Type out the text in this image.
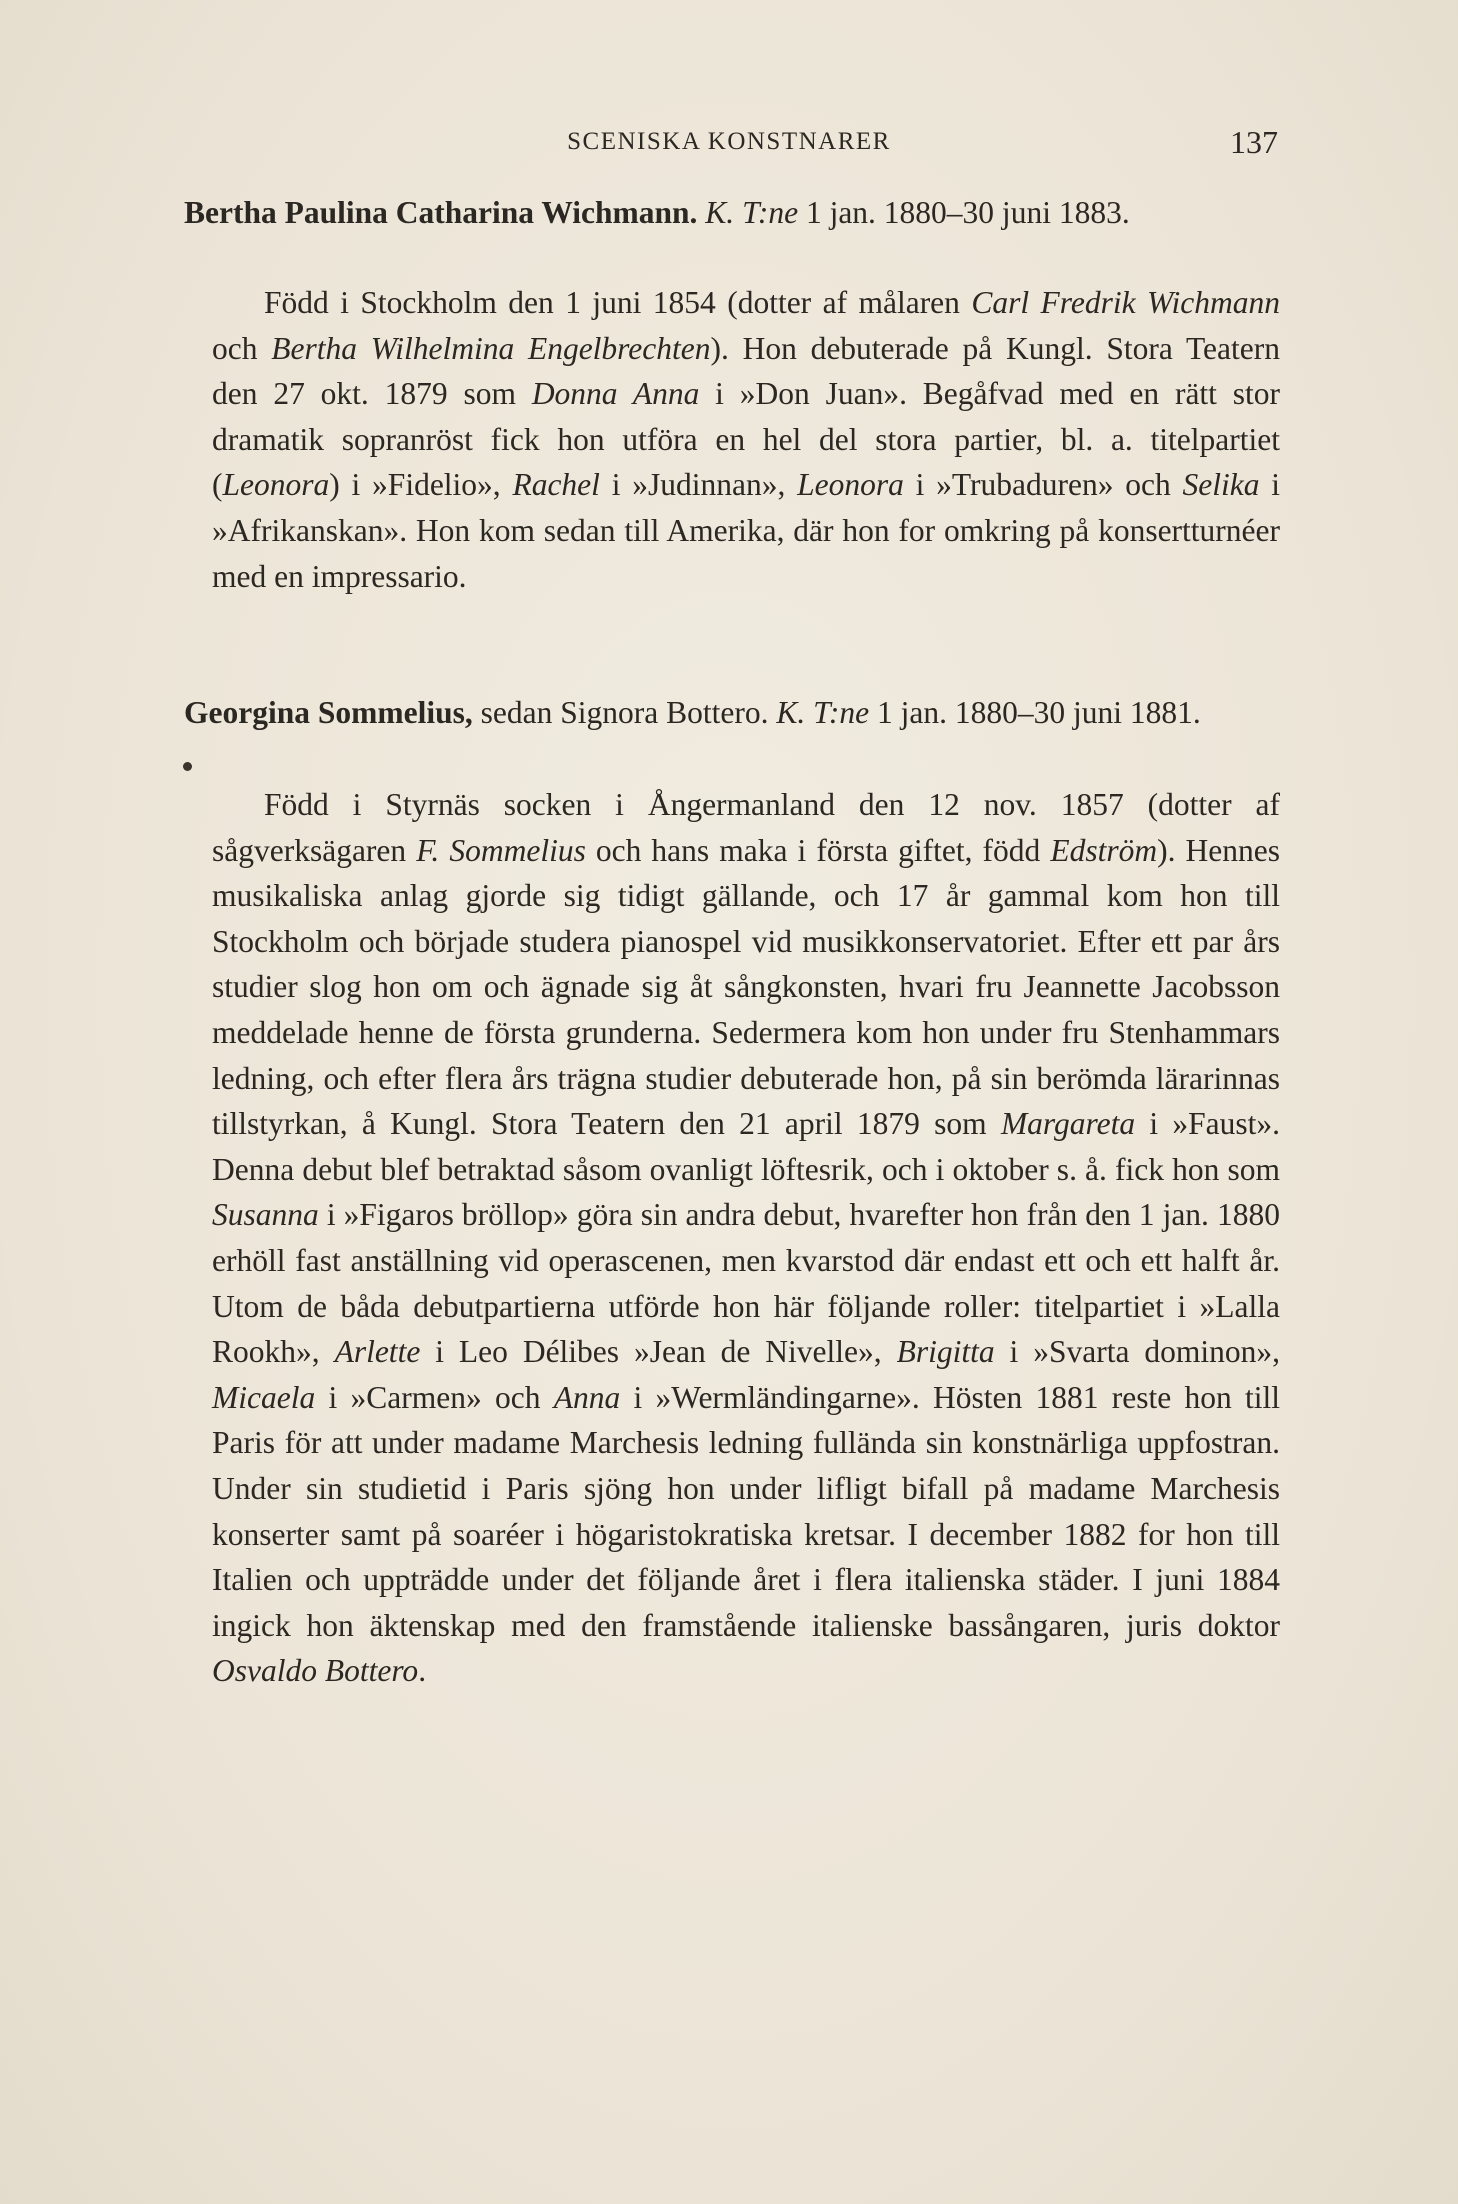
SCENISKA KONSTNARER	137
Bertha Paulina Catharina Wichmann. K. T:ne 1 jan. 1880–30 juni 1883.
Född i Stockholm den 1 juni 1854 (dotter af målaren Carl Fredrik Wichmann och Bertha Wilhelmina Engelbrechten). Hon debuterade på Kungl. Stora Teatern den 27 okt. 1879 som Donna Anna i »Don Juan». Begåfvad med en rätt stor dramatik sopranröst fick hon utföra en hel del stora partier, bl. a. titelpartiet (Leonora) i »Fidelio», Rachel i »Judinnan», Leonora i »Trubaduren» och Selika i »Afrikanskan». Hon kom sedan till Amerika, där hon for omkring på konsertturnéer med en impressario.
Georgina Sommelius, sedan Signora Bottero. K. T:ne 1 jan. 1880–30 juni 1881.
Född i Styrnäs socken i Ångermanland den 12 nov. 1857 (dotter af sågverksägaren F. Sommelius och hans maka i första giftet, född Edström). Hennes musikaliska anlag gjorde sig tidigt gällande, och 17 år gammal kom hon till Stockholm och började studera pianospel vid musikkonservatoriet. Efter ett par års studier slog hon om och ägnade sig åt sångkonsten, hvari fru Jeannette Jacobsson meddelade henne de första grunderna. Sedermera kom hon under fru Stenhammars ledning, och efter flera års trägna studier debuterade hon, på sin berömda lärarinnas tillstyrkan, å Kungl. Stora Teatern den 21 april 1879 som Margareta i »Faust». Denna debut blef betraktad såsom ovanligt löftesrik, och i oktober s. å. fick hon som Susanna i »Figaros bröllop» göra sin andra debut, hvarefter hon från den 1 jan. 1880 erhöll fast anställning vid operascenen, men kvarstod där endast ett och ett halft år. Utom de båda debutpartierna utförde hon här följande roller: titelpartiet i »Lalla Rookh», Arlette i Leo Délibes »Jean de Nivelle», Brigitta i »Svarta dominon», Micaela i »Carmen» och Anna i »Wermländingarne». Hösten 1881 reste hon till Paris för att under madame Marchesis ledning fullända sin konstnärliga uppfostran. Under sin studietid i Paris sjöng hon under lifligt bifall på madame Marchesis konserter samt på soaréer i högaristokratiska kretsar. I december 1882 for hon till Italien och uppträdde under det följande året i flera italienska städer. I juni 1884 ingick hon äktenskap med den framstående italienske bassångaren, juris doktor Osvaldo Bottero.
